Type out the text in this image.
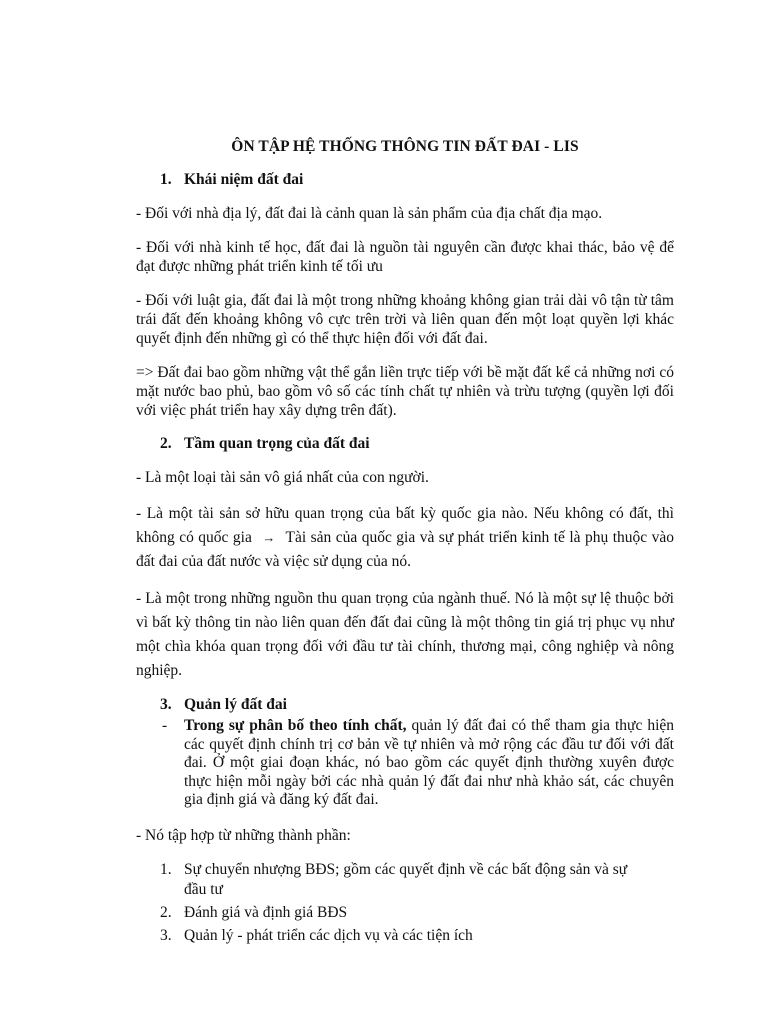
ÔN TẬP HỆ THỐNG THÔNG TIN ĐẤT ĐAI - LIS
1. Khái niệm đất đai

- Đối với nhà địa lý, đất đai là cảnh quan là sản phẩm của địa chất địa mạo.

- Đối với nhà kinh tế học, đất đai là nguồn tài nguyên cần được khai thác, bảo vệ để đạt được những phát triển kinh tế tối ưu

- Đối với luật gia, đất đai là một trong những khoảng không gian trải dài vô tận từ tâm trái đất đến khoảng không vô cực trên trời và liên quan đến một loạt quyền lợi khác quyết định đến những gì có thể thực hiện đối với đất đai.

=> Đất đai bao gồm những vật thể gắn liền trực tiếp với bề mặt đất kể cả những nơi có mặt nước bao phủ, bao gồm vô số các tính chất tự nhiên và trừu tượng (quyền lợi đối với việc phát triển hay xây dựng trên đất).

2. Tầm quan trọng của đất đai

- Là một loại tài sản vô giá nhất của con người.

- Là một tài sản sở hữu quan trọng của bất kỳ quốc gia nào. Nếu không có đất, thì không có quốc gia → Tài sản của quốc gia và sự phát triển kinh tế là phụ thuộc vào đất đai của đất nước và việc sử dụng của nó.

- Là một trong những nguồn thu quan trọng của ngành thuế. Nó là một sự lệ thuộc bởi vì bất kỳ thông tin nào liên quan đến đất đai cũng là một thông tin giá trị phục vụ như một chìa khóa quan trọng đối với đầu tư tài chính, thương mại, công nghiệp và nông nghiệp.

3. Quản lý đất đai
-	Trong sự phân bố theo tính chất, quản lý đất đai có thể tham gia thực hiện các quyết định chính trị cơ bản về tự nhiên và mở rộng các đầu tư đối với đất đai. Ở một giai đoạn khác, nó bao gồm các quyết định thường xuyên được thực hiện mỗi ngày bởi các nhà quản lý đất đai như nhà khảo sát, các chuyên gia định giá và đăng ký đất đai.

- Nó tập hợp từ những thành phần:

1. Sự chuyển nhượng BĐS; gồm các quyết định về các bất động sản và sự đầu tư
2. Đánh giá và định giá BĐS
3. Quản lý - phát triển các dịch vụ và các tiện ích
